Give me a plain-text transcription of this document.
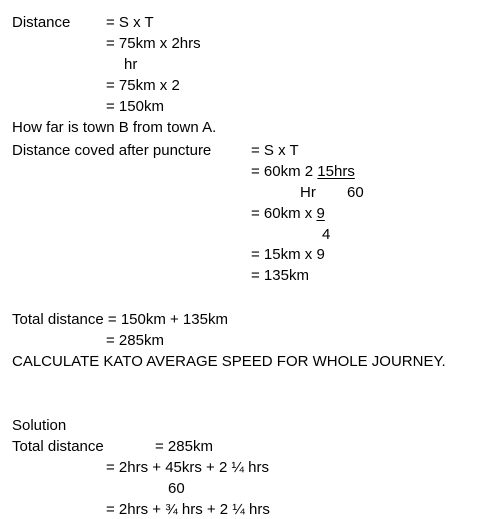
Distance = S x T
= 75km x 2hrs
hr
= 75km x 2
= 150km
How far is town B from town A.
Distance coved after puncture	= S x T
= 60km 2 15hrs
Hr 60
= 60km x 9
4
= 15km x 9
= 135km
Total distance = 150km + 135km
= 285km
CALCULATE KATO AVERAGE SPEED FOR WHOLE JOURNEY.
Solution
Total distance	= 285km
= 2hrs + 45krs + 2 ¼ hrs
60
= 2hrs + ¾ hrs + 2 ¼ hrs
